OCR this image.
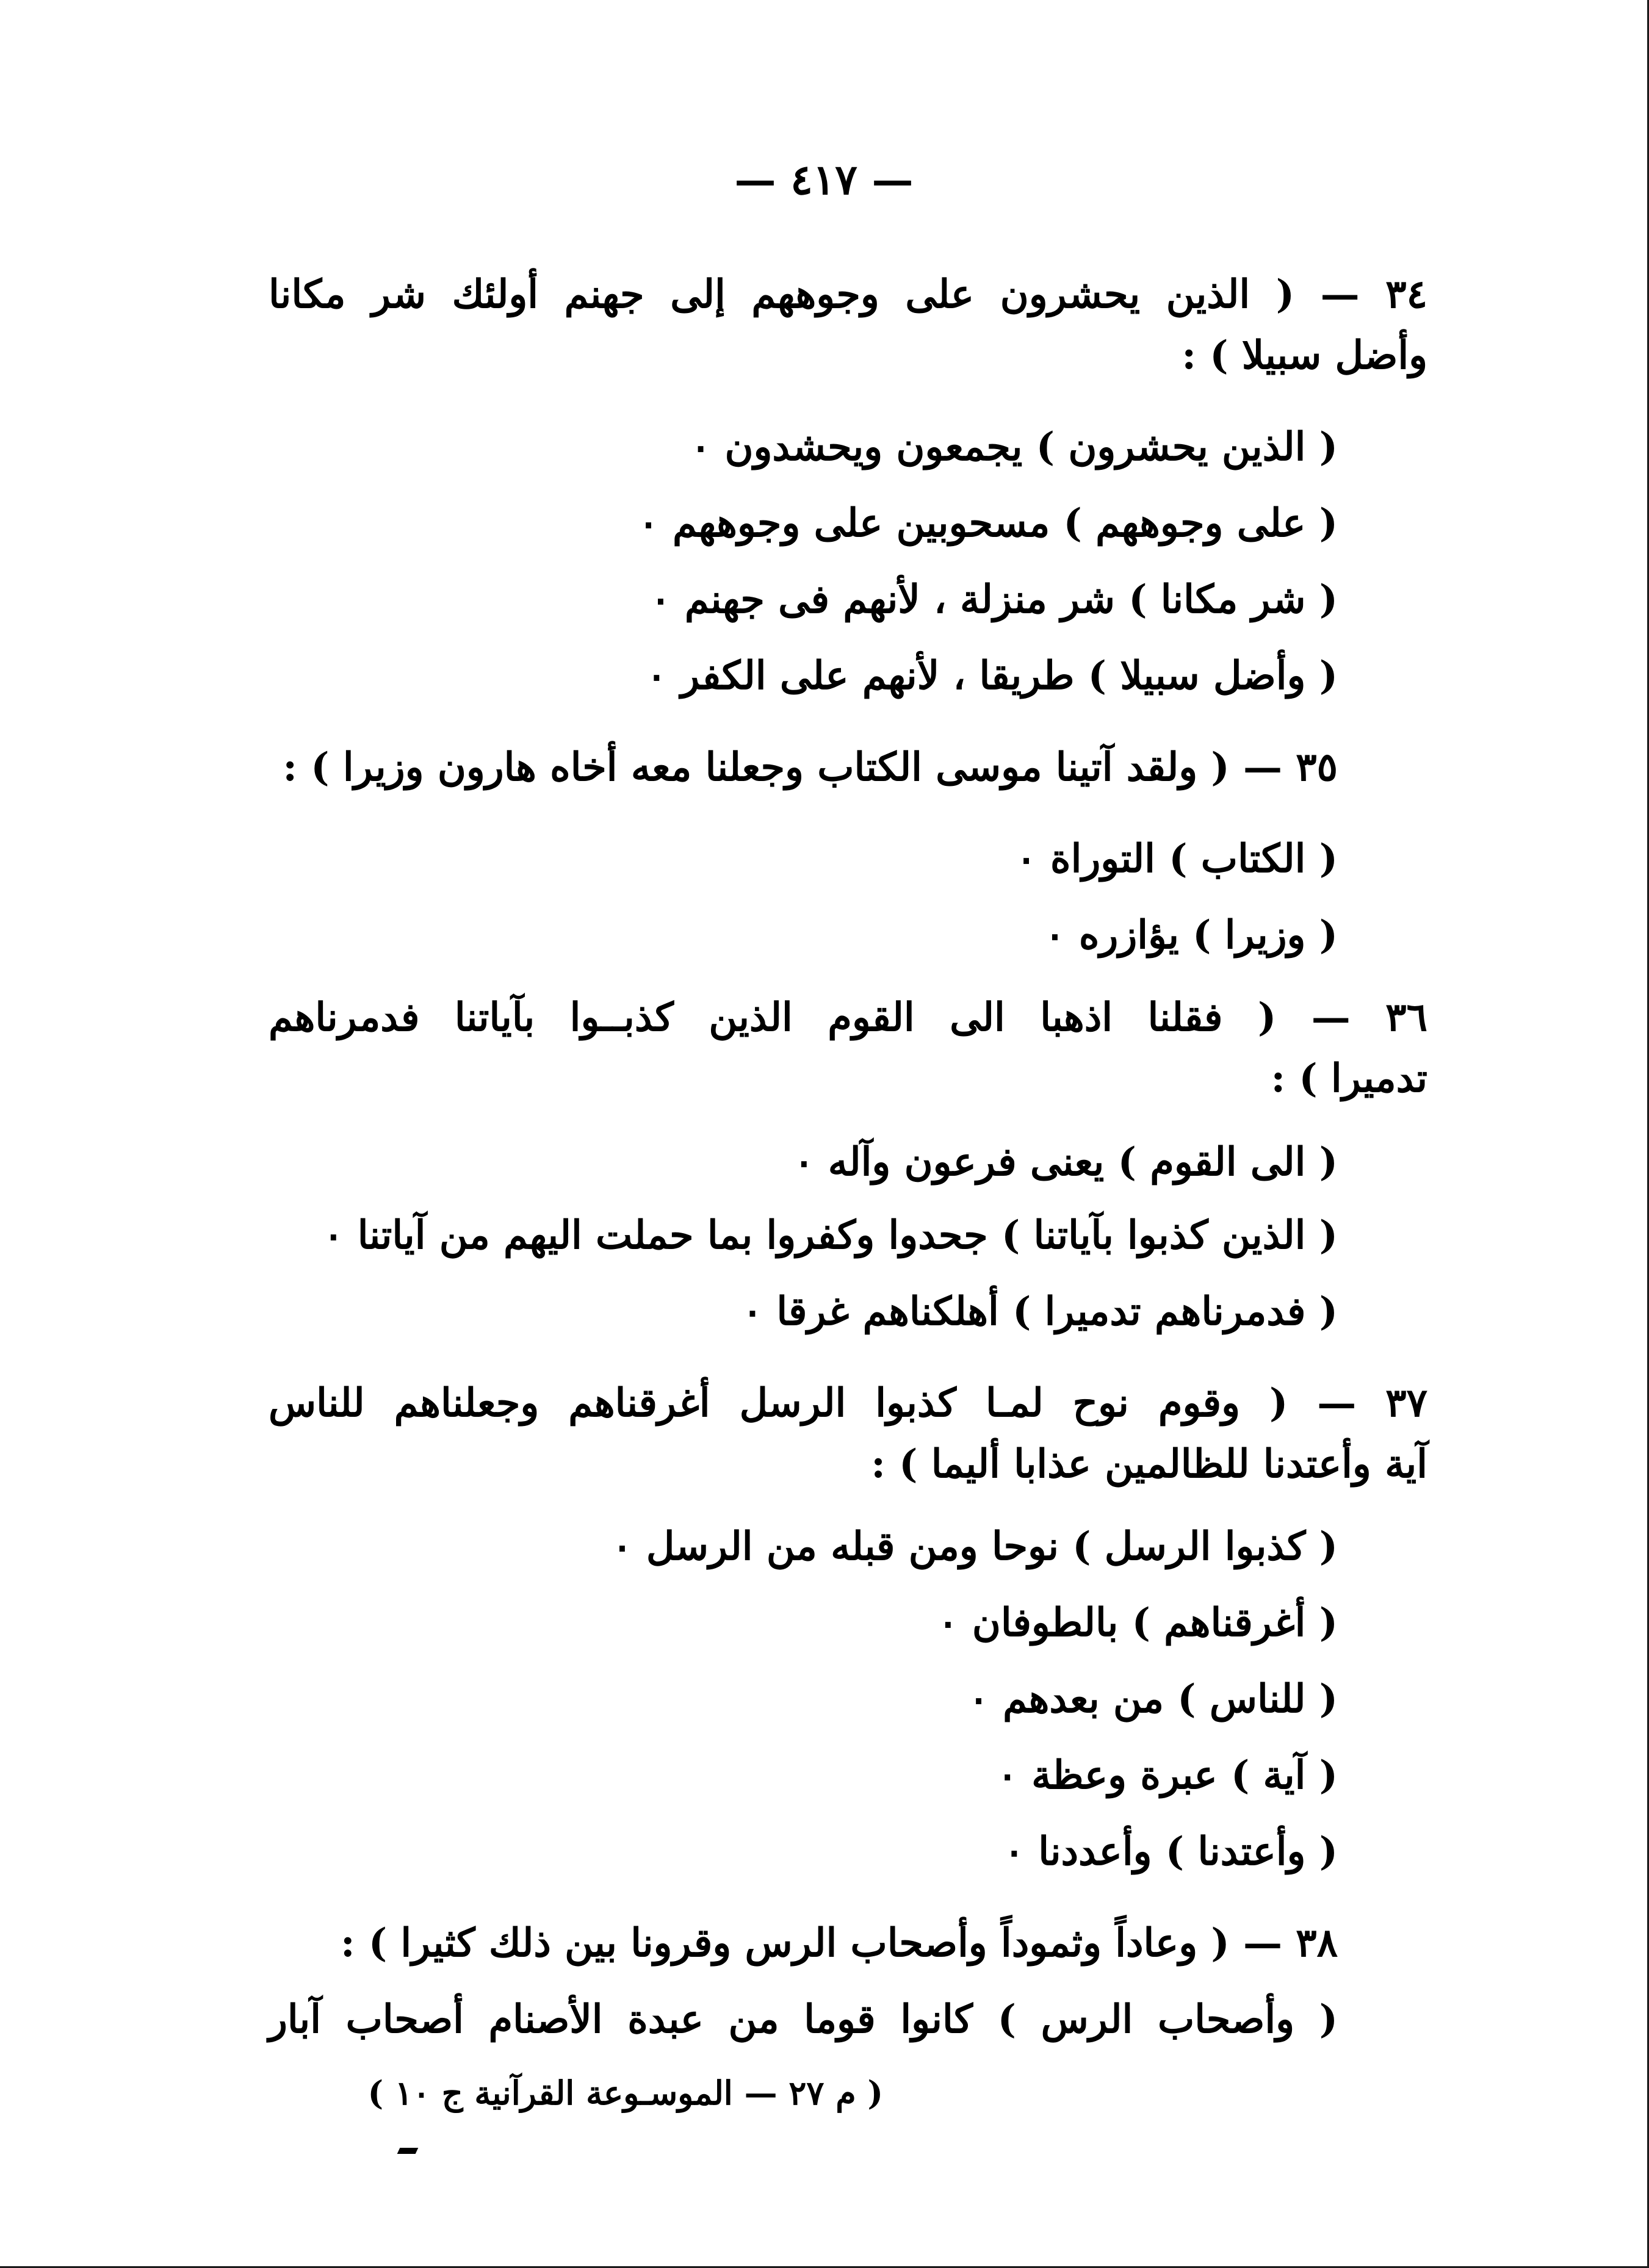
— ٤١٧ —
٣٤ — ( الذين يحشرون على وجوههم إلى جهنم أولئك شر مكانا
وأضل سبيلا ) :
( الذين يحشرون ) يجمعون ويحشدون ٠
( على وجوههم ) مسحوبين على وجوههم ٠
( شر مكانا ) شر منزلة ، لأنهم فى جهنم ٠
( وأضل سبيلا ) طريقا ، لأنهم على الكفر ٠
٣٥ — ( ولقد آتينا موسى الكتاب وجعلنا معه أخاه هارون وزيرا ) :
( الكتاب ) التوراة ٠
( وزيرا ) يؤازره ٠
٣٦ — ( فقلنا اذهبا الى القوم الذين كذبــوا بآياتنا فدمرناهم
تدميرا ) :
( الى القوم ) يعنى فرعون وآله ٠
( الذين كذبوا بآياتنا ) جحدوا وكفروا بما حملت اليهم من آياتنا ٠
( فدمرناهم تدميرا ) أهلكناهم غرقا ٠
٣٧ — ( وقوم نوح لمـا كذبوا الرسل أغرقناهم وجعلناهم للناس
آية وأعتدنا للظالمين عذابا أليما ) :
( كذبوا الرسل ) نوحا ومن قبله من الرسل ٠
( أغرقناهم ) بالطوفان ٠
( للناس ) من بعدهم ٠
( آية ) عبرة وعظة ٠
( وأعتدنا ) وأعددنا ٠
٣٨ — ( وعاداً وثموداً وأصحاب الرس وقرونا بين ذلك كثيرا ) :
( وأصحاب الرس ) كانوا قوما من عبدة الأصنام أصحاب آبار
( م ٢٧ — الموسـوعة القرآنية ج ١٠ )
